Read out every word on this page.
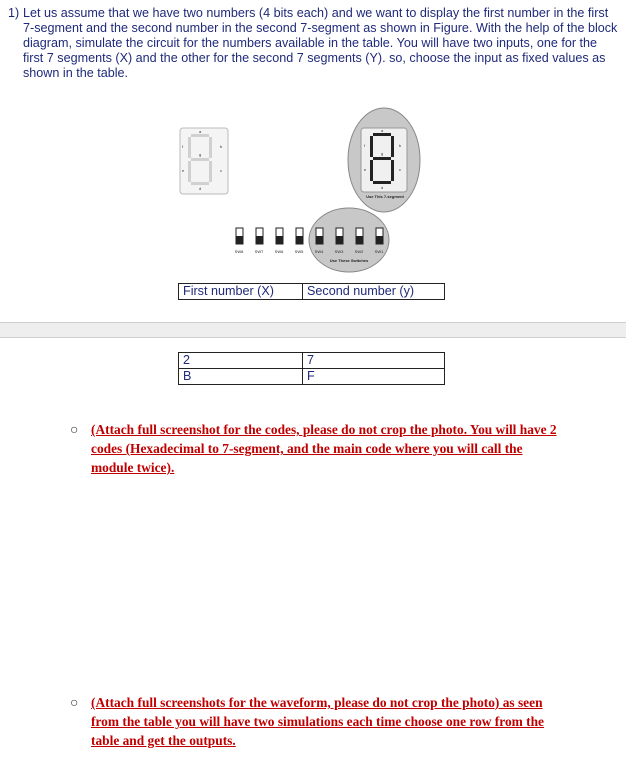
1) Let us assume that we have two numbers (4 bits each) and we want to display the first number in the first 7-segment and the second number in the second 7-segment as shown in Figure. With the help of the block diagram, simulate the circuit for the numbers available in the table. You will have two inputs, one for the first 7 segments (X) and the other for the second 7 segments (Y). so, choose the input as fixed values as shown in the table.
a
b
c
d
e
f
g
a
b
c
d
e
f
g
Use This 7-segment
SW8	SW7	SW6	SW5	SW4	SW3	SW2	SW1
Use These Switches
First number (X)	Second number (y)
2	7
B	F
○ (Attach full screenshot for the codes, please do not crop the photo. You will have 2 codes (Hexadecimal to 7-segment, and the main code where you will call the module twice).
○ (Attach full screenshots for the waveform, please do not crop the photo) as seen from the table you will have two simulations each time choose one row from the table and get the outputs.
